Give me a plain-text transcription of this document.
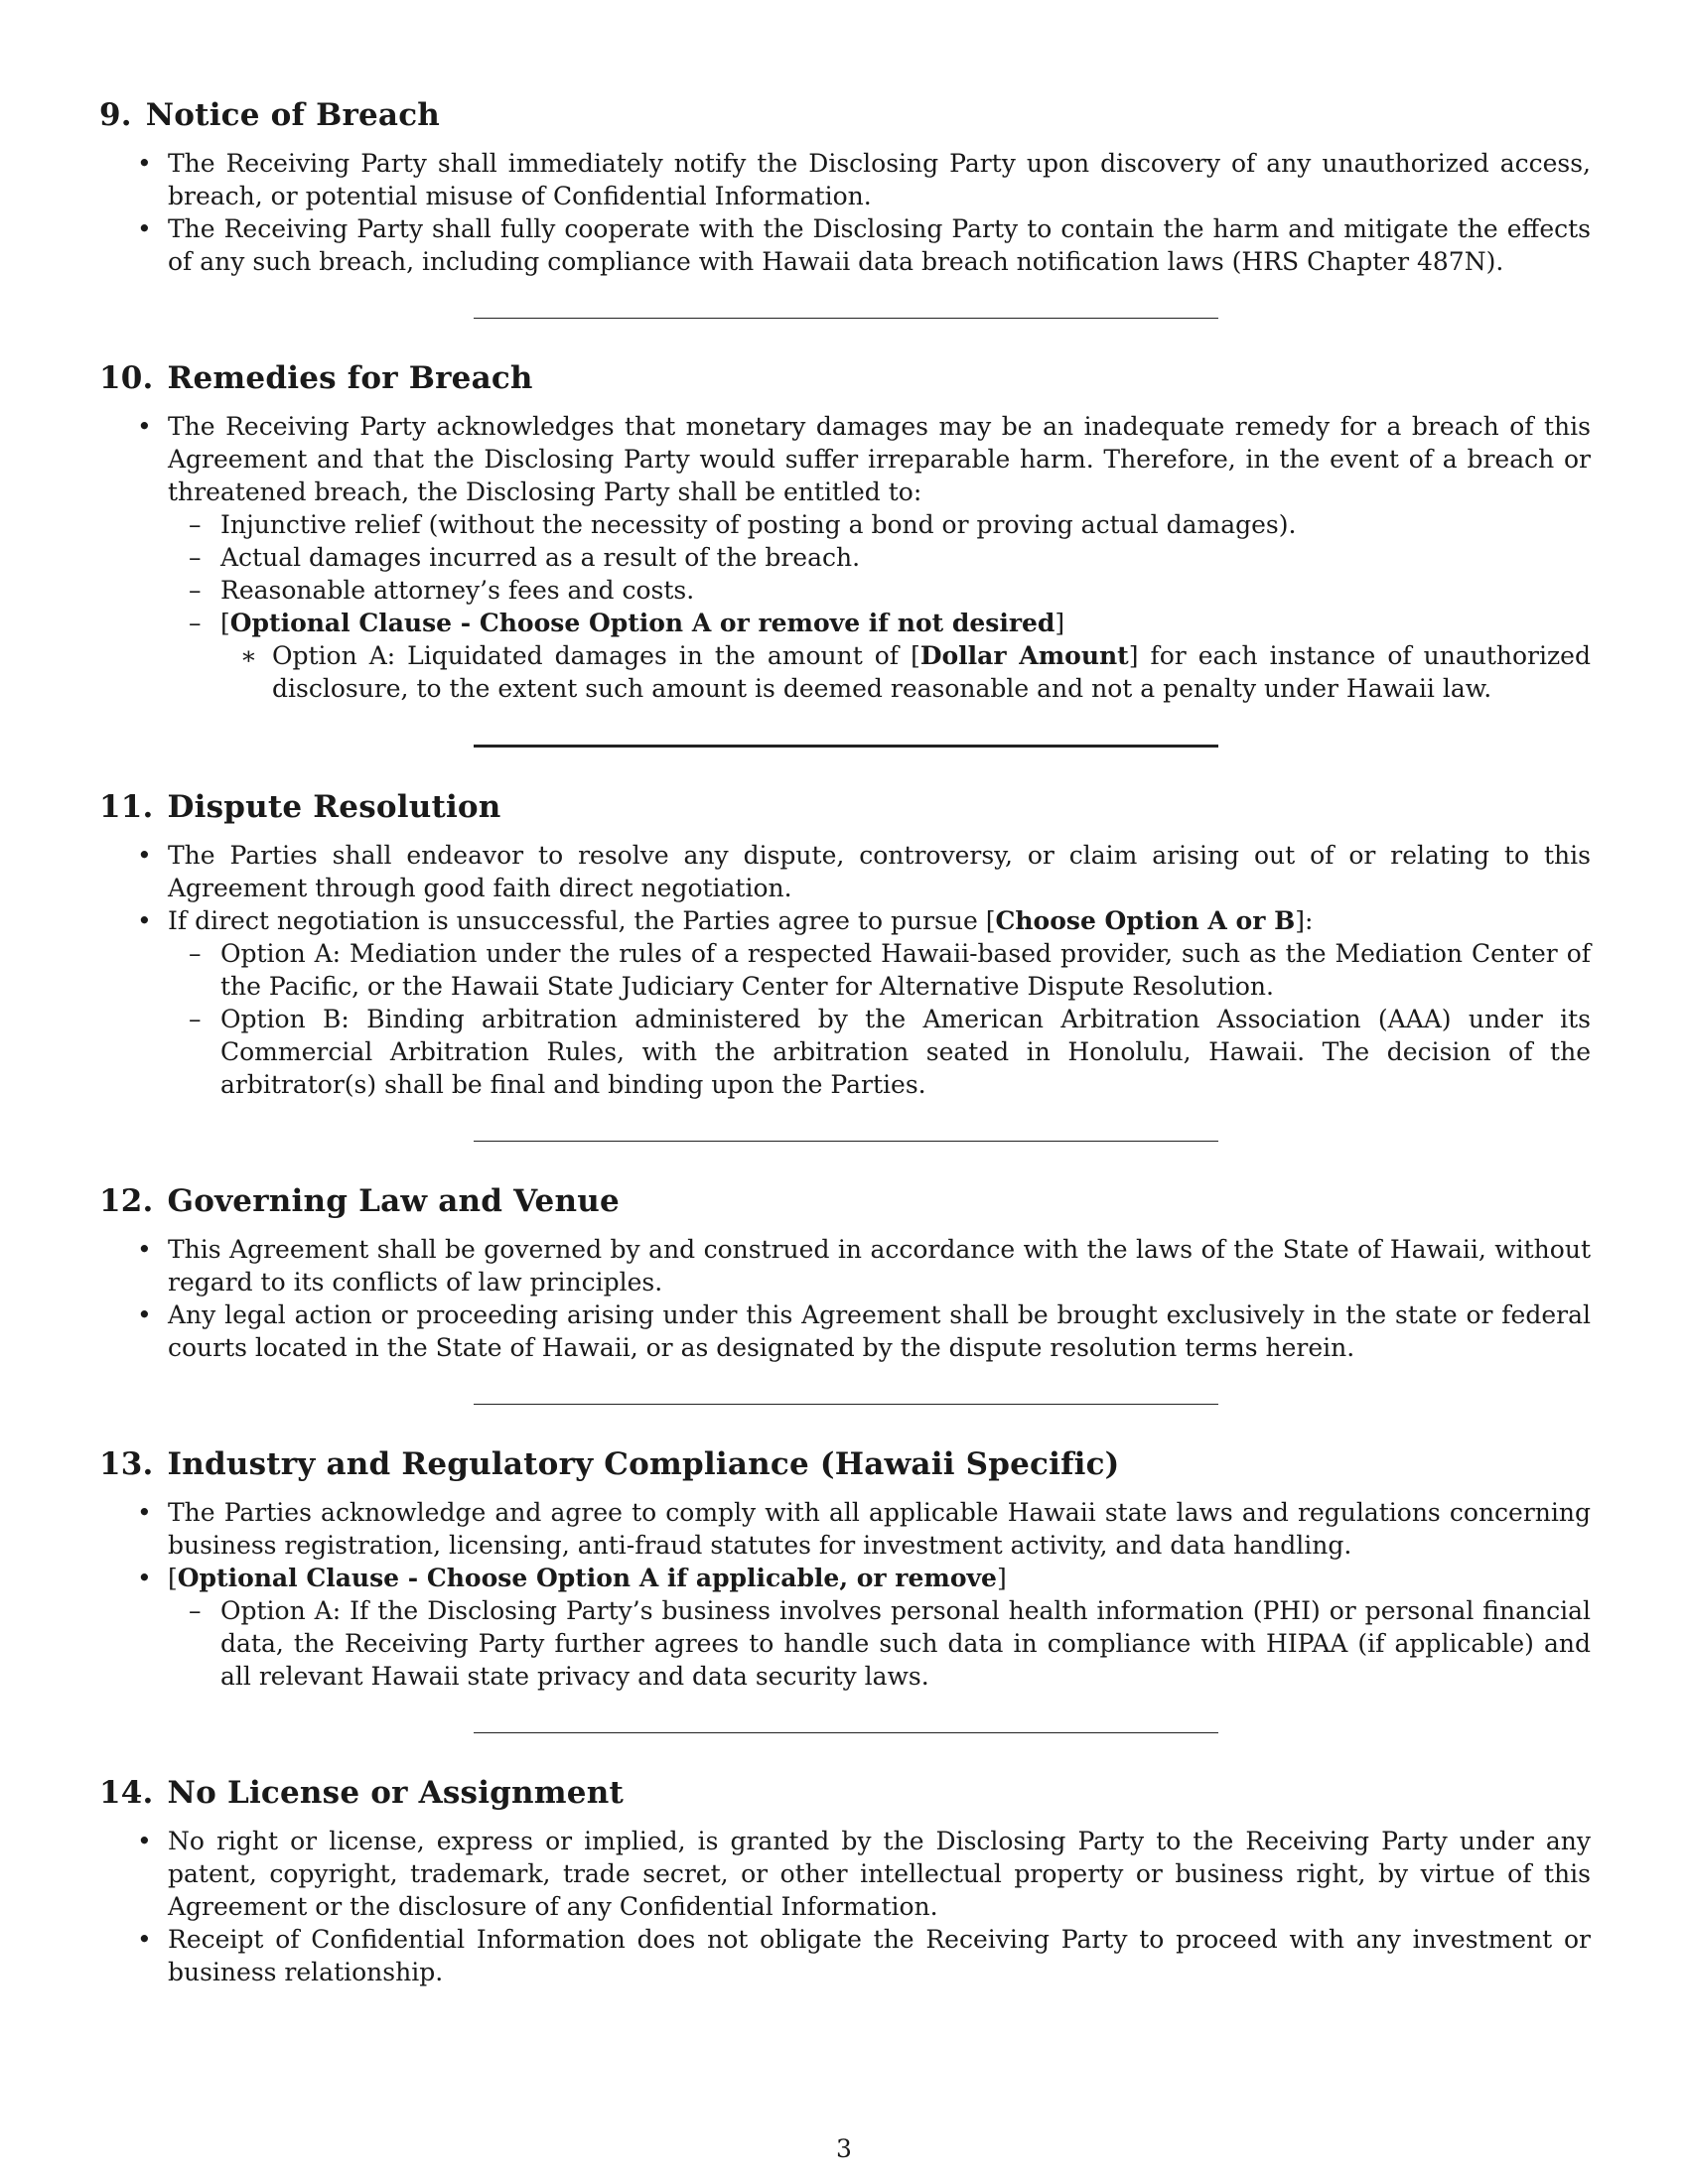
9. Notice of Breach
• The Receiving Party shall immediately notify the Disclosing Party upon discovery of any unauthorized access, breach, or potential misuse of Confidential Information.
• The Receiving Party shall fully cooperate with the Disclosing Party to contain the harm and mitigate the effects of any such breach, including compliance with Hawaii data breach notification laws (HRS Chapter 487N).
10. Remedies for Breach
• The Receiving Party acknowledges that monetary damages may be an inadequate remedy for a breach of this Agreement and that the Disclosing Party would suffer irreparable harm. Therefore, in the event of a breach or threatened breach, the Disclosing Party shall be entitled to:
– Injunctive relief (without the necessity of posting a bond or proving actual damages).
– Actual damages incurred as a result of the breach.
– Reasonable attorney’s fees and costs.
– [Optional Clause - Choose Option A or remove if not desired]
∗ Option A: Liquidated damages in the amount of [Dollar Amount] for each instance of unauthorized disclosure, to the extent such amount is deemed reasonable and not a penalty under Hawaii law.
11. Dispute Resolution
• The Parties shall endeavor to resolve any dispute, controversy, or claim arising out of or relating to this Agreement through good faith direct negotiation.
• If direct negotiation is unsuccessful, the Parties agree to pursue [Choose Option A or B]:
– Option A: Mediation under the rules of a respected Hawaii-based provider, such as the Mediation Center of the Pacific, or the Hawaii State Judiciary Center for Alternative Dispute Resolution.
– Option B: Binding arbitration administered by the American Arbitration Association (AAA) under its Commercial Arbitration Rules, with the arbitration seated in Honolulu, Hawaii. The decision of the arbitrator(s) shall be final and binding upon the Parties.
12. Governing Law and Venue
• This Agreement shall be governed by and construed in accordance with the laws of the State of Hawaii, without regard to its conflicts of law principles.
• Any legal action or proceeding arising under this Agreement shall be brought exclusively in the state or federal courts located in the State of Hawaii, or as designated by the dispute resolution terms herein.
13. Industry and Regulatory Compliance (Hawaii Specific)
• The Parties acknowledge and agree to comply with all applicable Hawaii state laws and regulations concerning business registration, licensing, anti-fraud statutes for investment activity, and data handling.
• [Optional Clause - Choose Option A if applicable, or remove]
– Option A: If the Disclosing Party’s business involves personal health information (PHI) or personal financial data, the Receiving Party further agrees to handle such data in compliance with HIPAA (if applicable) and all relevant Hawaii state privacy and data security laws.
14. No License or Assignment
• No right or license, express or implied, is granted by the Disclosing Party to the Receiving Party under any patent, copyright, trademark, trade secret, or other intellectual property or business right, by virtue of this Agreement or the disclosure of any Confidential Information.
• Receipt of Confidential Information does not obligate the Receiving Party to proceed with any investment or business relationship.
3
